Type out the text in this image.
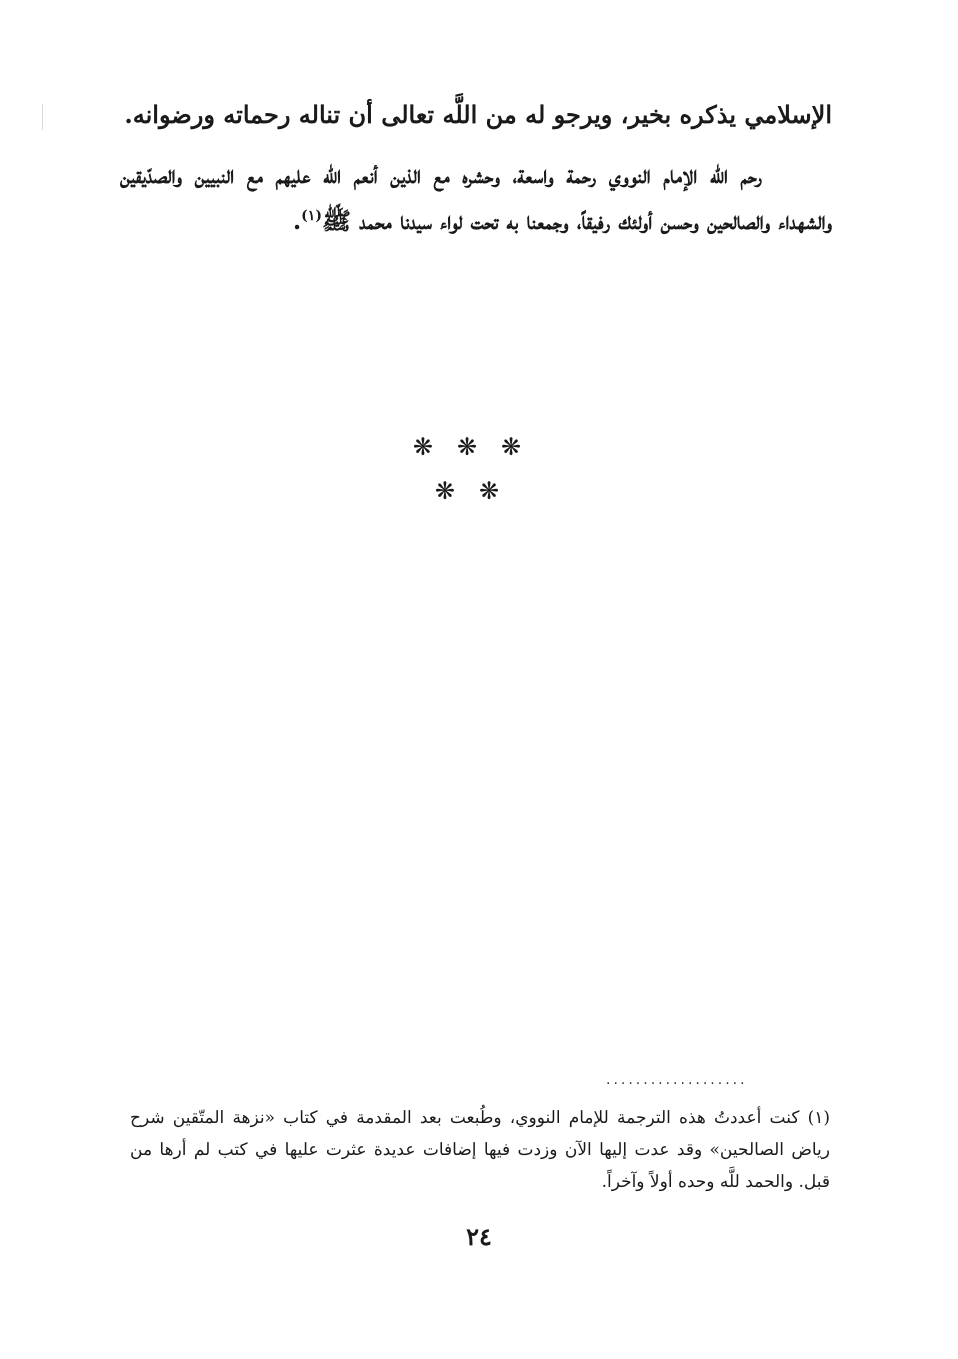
الإسلامي يذكره بخير، ويرجو له من اللَّه تعالى أن تناله رحماته ورضوانه.

رحم الله الإمام النووي رحمة واسعة، وحشره مع الذين أنعم الله عليهم مع النبيين والصدّيقين والشهداء والصالحين وحسن أولئك رفيقاً، وجمعنا به تحت لواء سيدنا محمد ﷺ$^{(١)}$.

❋❋❋
❋❋
...................

(١) كنت أعددتُ هذه الترجمة للإمام النووي، وطُبعت بعد المقدمة في كتاب «نزهة المتّقين شرح رياض الصالحين» وقد عدت إليها الآن وزدت فيها إضافات عديدة عثرت عليها في كتب لم أرها من قبل. والحمد للَّه وحده أولاً وآخراً.

٢٤
